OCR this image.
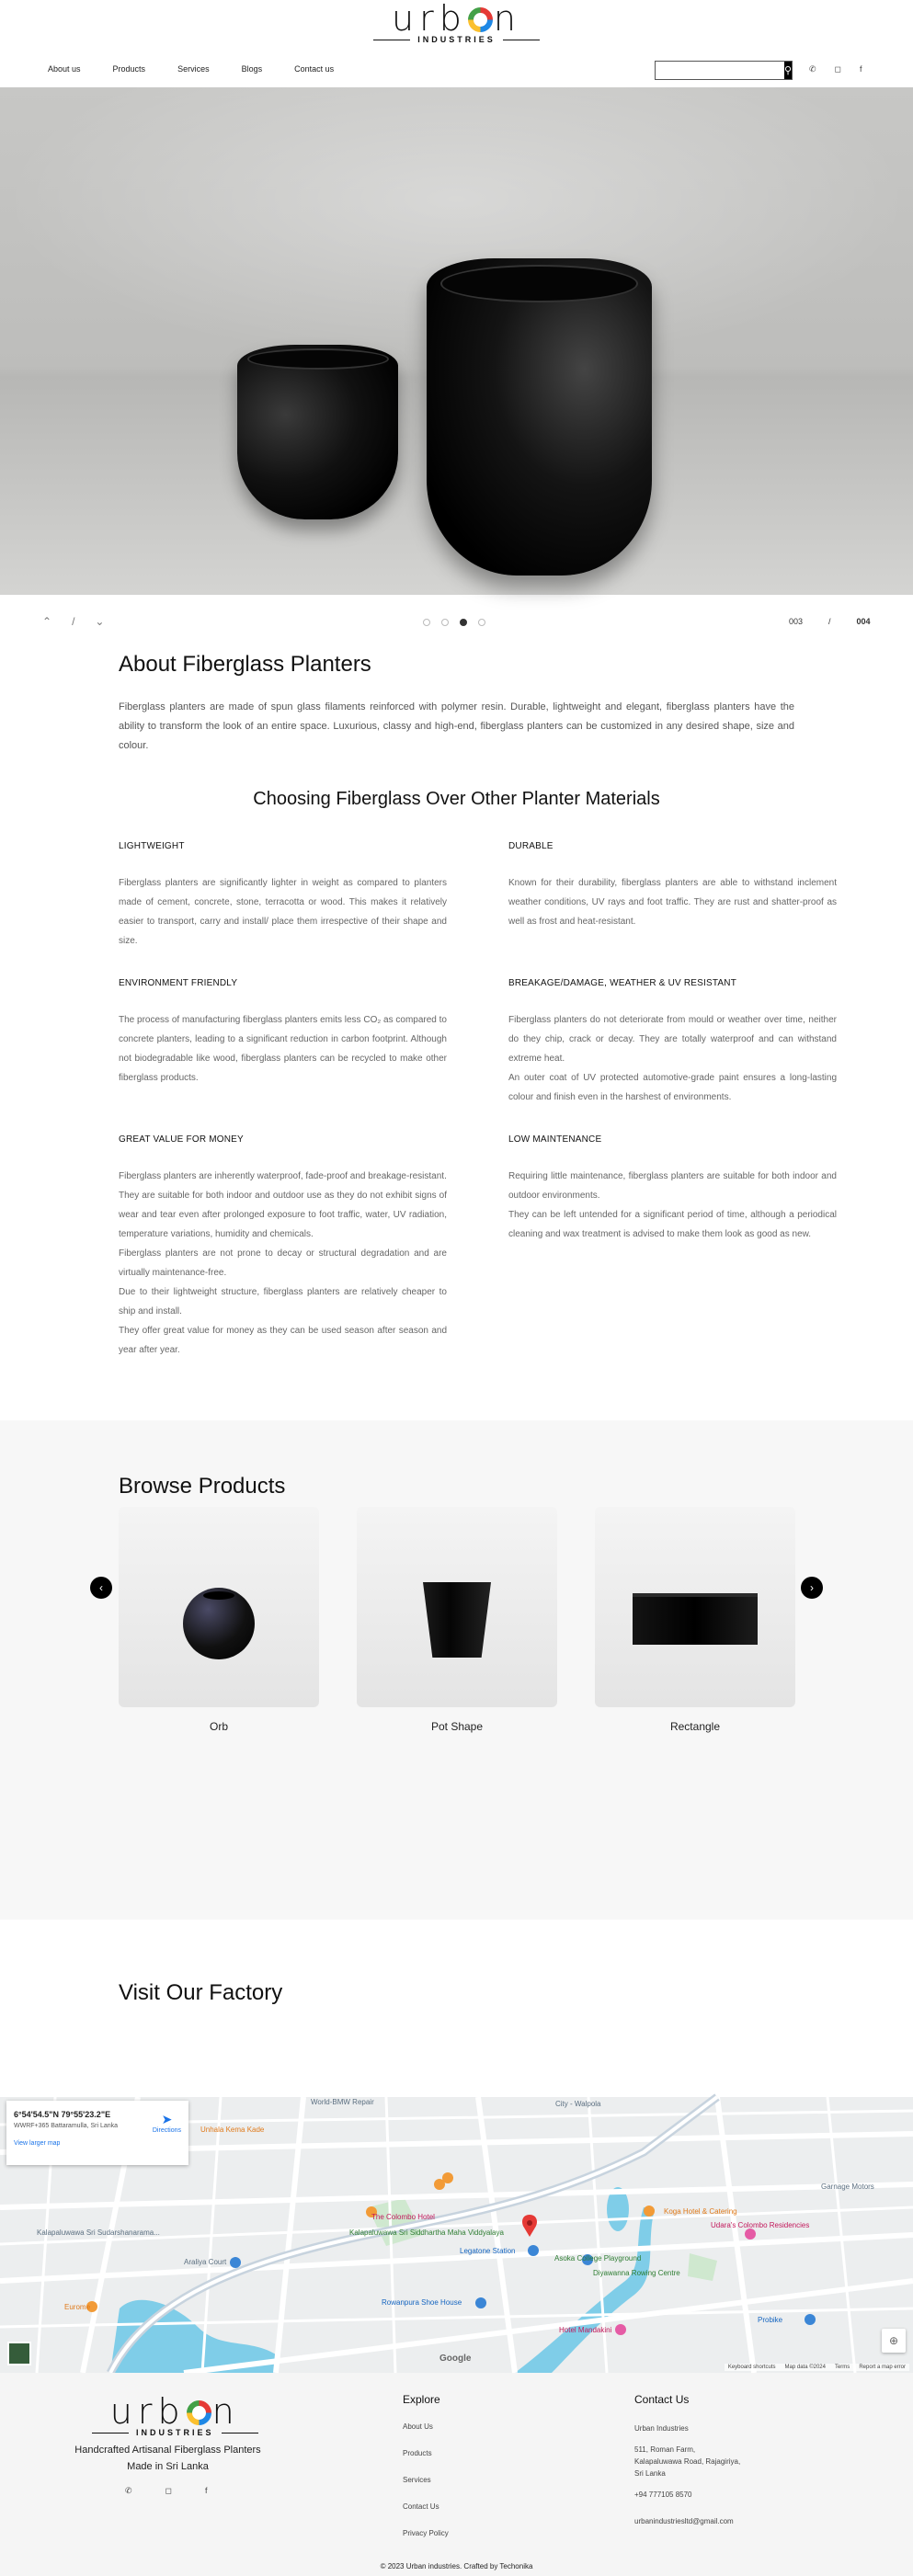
urb n
INDUSTRIES
About us	Products	Services	Blogs	Contact us	⚲ ✆ ◻ f
⌃ / ⌄	003	/	004
About Fiberglass Planters

Fiberglass planters are made of spun glass filaments reinforced with polymer resin. Durable, lightweight and elegant, fiberglass planters have the ability to transform the look of an entire space. Luxurious, classy and high-end, fiberglass planters can be customized in any desired shape, size and colour.

Choosing Fiberglass Over Other Planter Materials
LIGHTWEIGHT

Fiberglass planters are significantly lighter in weight as compared to planters made of cement, concrete, stone, terracotta or wood. This makes it relatively easier to transport, carry and install/ place them irrespective of their shape and size.

DURABLE

Known for their durability, fiberglass planters are able to withstand inclement weather conditions, UV rays and foot traffic. They are rust and shatter-proof as well as frost and heat-resistant.

ENVIRONMENT FRIENDLY

The process of manufacturing fiberglass planters emits less CO₂ as compared to concrete planters, leading to a significant reduction in carbon footprint. Although not biodegradable like wood, fiberglass planters can be recycled to make other fiberglass products.

BREAKAGE/DAMAGE, WEATHER & UV RESISTANT

Fiberglass planters do not deteriorate from mould or weather over time, neither do they chip, crack or decay. They are totally waterproof and can withstand extreme heat.

An outer coat of UV protected automotive-grade paint ensures a long-lasting colour and finish even in the harshest of environments.

GREAT VALUE FOR MONEY

Fiberglass planters are inherently waterproof, fade-proof and breakage-resistant.

They are suitable for both indoor and outdoor use as they do not exhibit signs of wear and tear even after prolonged exposure to foot traffic, water, UV radiation, temperature variations, humidity and chemicals.

Fiberglass planters are not prone to decay or structural degradation and are virtually maintenance-free.

Due to their lightweight structure, fiberglass planters are relatively cheaper to ship and install.

They offer great value for money as they can be used season after season and year after year.

LOW MAINTENANCE

Requiring little maintenance, fiberglass planters are suitable for both indoor and outdoor environments.

They can be left untended for a significant period of time, although a periodical cleaning and wax treatment is advised to make them look as good as new.

Browse Products
Orb	Pot Shape	Rectangle
‹	›
Visit Our Factory
World-BMW Repair	City - Walpola
Unhala Kema Kade
The Colombo Hotel
Kalapaluwawa Sri Siddhartha Maha Viddyalaya
Legatone Station
Asoka College Playground
Diyawanna Rowing Centre
Koga Hotel & Catering
Udara's Colombo Residencies
Garnage Motors
Kalapaluwawa Sri Sudarshanarama...
Araliya Court
Rowanpura Shoe House
Eurome
Hotel Mandakini
Probike
6°54'54.5"N 79°55'23.2"E
WWRF+365 Battaramulla, Sri Lanka
View larger map
➤
Directions
Google
⊕
Keyboard shortcuts Map data ©2024 Terms Report a map error
urb n
INDUSTRIES
Handcrafted Artisanal Fiberglass Planters
Made in Sri Lanka
✆	◻	f
Explore
About Us
Products
Services
Contact Us
Privacy Policy
Contact Us
Urban Industries
511, Roman Farm,
Kalapaluwawa Road, Rajagiriya,
Sri Lanka
+94 777105 8570
urbanindustriesltd@gmail.com
© 2023 Urban industries. Crafted by Techonika
